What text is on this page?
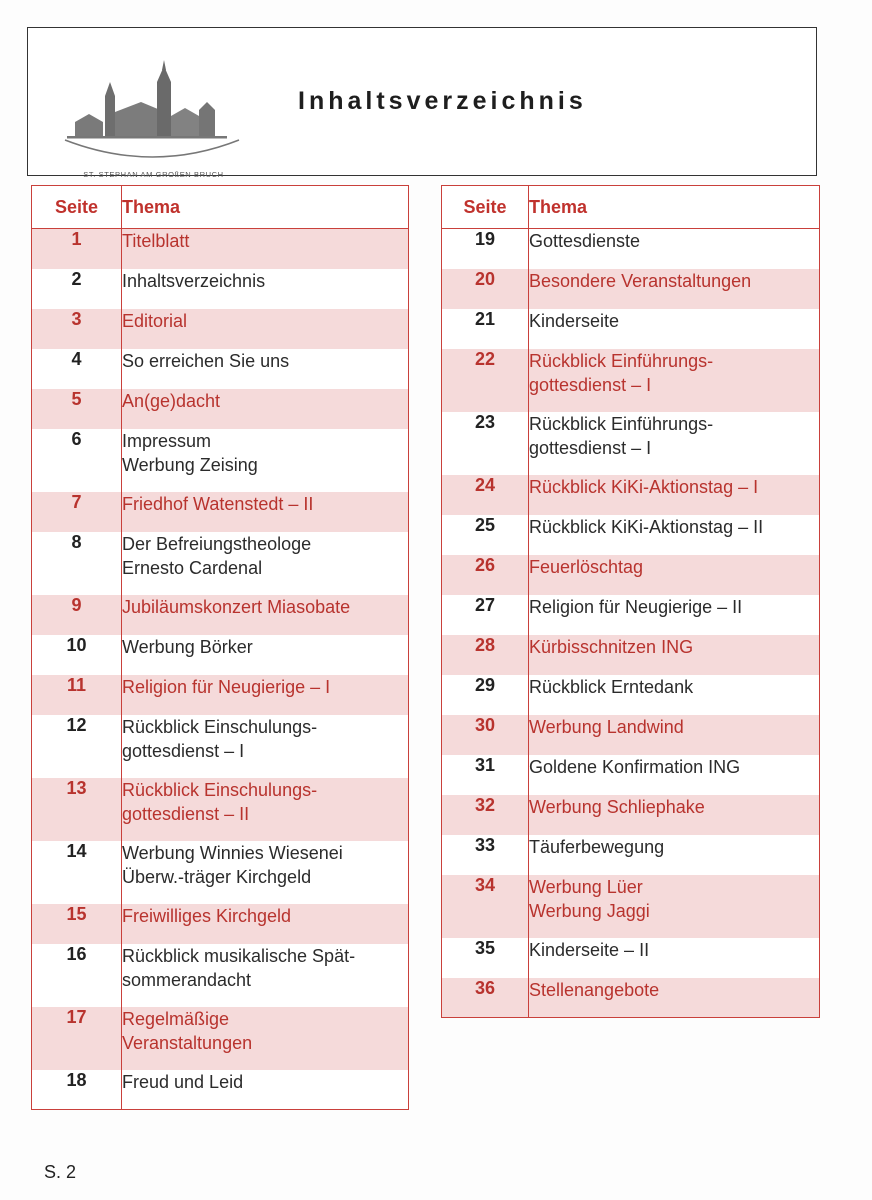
ST. STEPHAN AM GROßEN BRUCH
Inhaltsverzeichnis
Seite	Thema
1	Titelblatt

2	Inhaltsverzeichnis

3	Editorial

4	So erreichen Sie uns

5	An(ge)dacht

6	Impressum
Werbung Zeising

7	Friedhof Watenstedt – II

8	Der Befreiungstheologe
Ernesto Cardenal

9	Jubiläumskonzert Miasobate

10	Werbung Börker

11	Religion für Neugierige – I

12	Rückblick Einschulungs-
gottesdienst – I

13	Rückblick Einschulungs-
gottesdienst – II

14	Werbung Winnies Wiesenei
Überw.-träger Kirchgeld

15	Freiwilliges Kirchgeld

16	Rückblick musikalische Spät-
sommerandacht

17	Regelmäßige
Veranstaltungen

18	Freud und Leid
Seite	Thema
19	Gottesdienste

20	Besondere Veranstaltungen

21	Kinderseite

22	Rückblick Einführungs-
gottesdienst – I

23	Rückblick Einführungs-
gottesdienst – I

24	Rückblick KiKi-Aktionstag – I

25	Rückblick KiKi-Aktionstag – II

26	Feuerlöschtag

27	Religion für Neugierige – II

28	Kürbisschnitzen ING

29	Rückblick Erntedank

30	Werbung Landwind

31	Goldene Konfirmation ING

32	Werbung Schliephake

33	Täuferbewegung

34	Werbung Lüer
Werbung Jaggi

35	Kinderseite – II

36	Stellenangebote
S. 2
